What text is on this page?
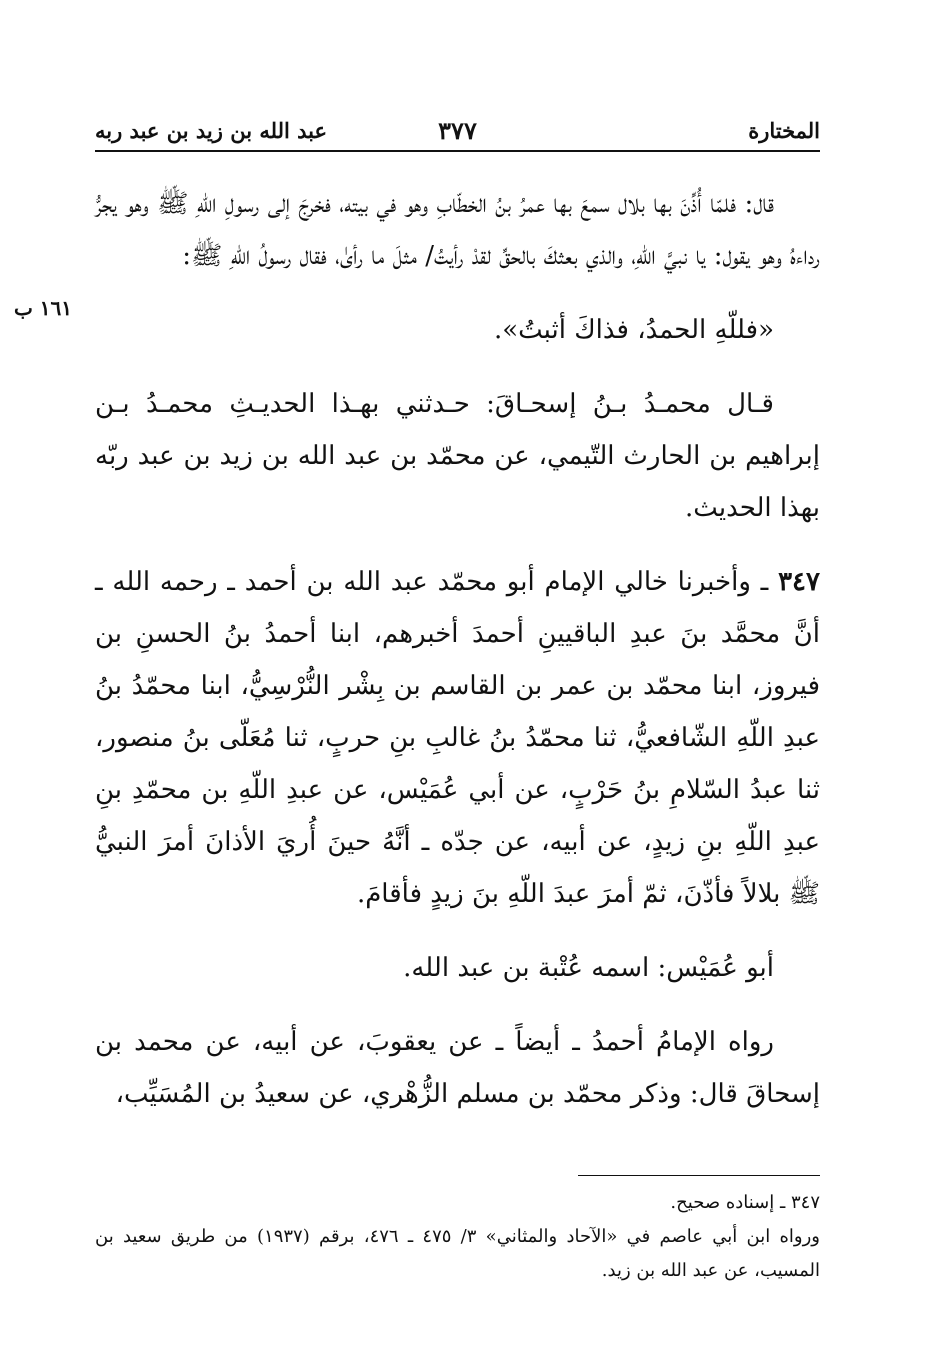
المختارة
٣٧٧
عبد الله بن زيد بن عبد ربه
١٦١ ب

قال: فلمّا أُذِّنَ بها بلال سمعَ بها عمرُ بنُ الخطّابِ وهو في بيته، فخرجَ إلى رسولِ اللّهِ ﷺ وهو يجرُّ رداءهُ وهو يقول: يا نبيَّ اللّهِ، والذي بعثكَ بالحقِّ لقدْ رأيتُ/ مثلَ ما رأىٰ، فقال رسولُ اللّهِ ﷺ:

«فللّهِ الحمدُ، فذاكَ أثبتُ».

قـال محمـدُ بـنُ إسحـاقَ: حـدثني بهـذا الحديـثِ محمـدُ بـن إبراهيم بن الحارث التّيمي، عن محمّد بن عبد الله بن زيد بن عبد ربّه بهذا الحديث.

٣٤٧ ـ وأخبرنا خالي الإمام أبو محمّد عبد الله بن أحمد ـ رحمه الله ـ أنَّ محمَّد بنَ عبدِ الباقيينِ أحمدَ أخبرهم، ابنا أحمدُ بنُ الحسنِ بن فيروز، ابنا محمّد بن عمر بن القاسم بن بِشْر النُّرْسِيُّ، ابنا محمّدُ بنُ عبدِ اللّهِ الشّافعيُّ، ثنا محمّدُ بنُ غالبِ بنِ حربٍ، ثنا مُعَلّى بنُ منصور، ثنا عبدُ السّلامِ بنُ حَرْبٍ، عن أبي عُمَيْس، عن عبدِ اللّهِ بن محمّدِ بنِ عبدِ اللّهِ بنِ زيدٍ، عن أبيه، عن جدّه ـ أنَّهُ حينَ أُريَ الأذانَ أمرَ النبيُّ ﷺ بلالاً فأذّنَ، ثمّ أمرَ عبدَ اللّهِ بنَ زيدٍ فأقامَ.

أبو عُمَيْس: اسمه عُتْبة بن عبد الله.

رواه الإمامُ أحمدُ ـ أيضاً ـ عن يعقوبَ، عن أبيه، عن محمد بن إسحاقَ قال: وذكر محمّد بن مسلم الزُّهْري، عن سعيدُ بن المُسَيِّب،

٣٤٧ ـ إسناده صحيح.

ورواه ابن أبي عاصم في «الآحاد والمثاني» ٣/ ٤٧٥ ـ ٤٧٦، برقم (١٩٣٧) من طريق سعيد بن المسيب، عن عبد الله بن زيد.
